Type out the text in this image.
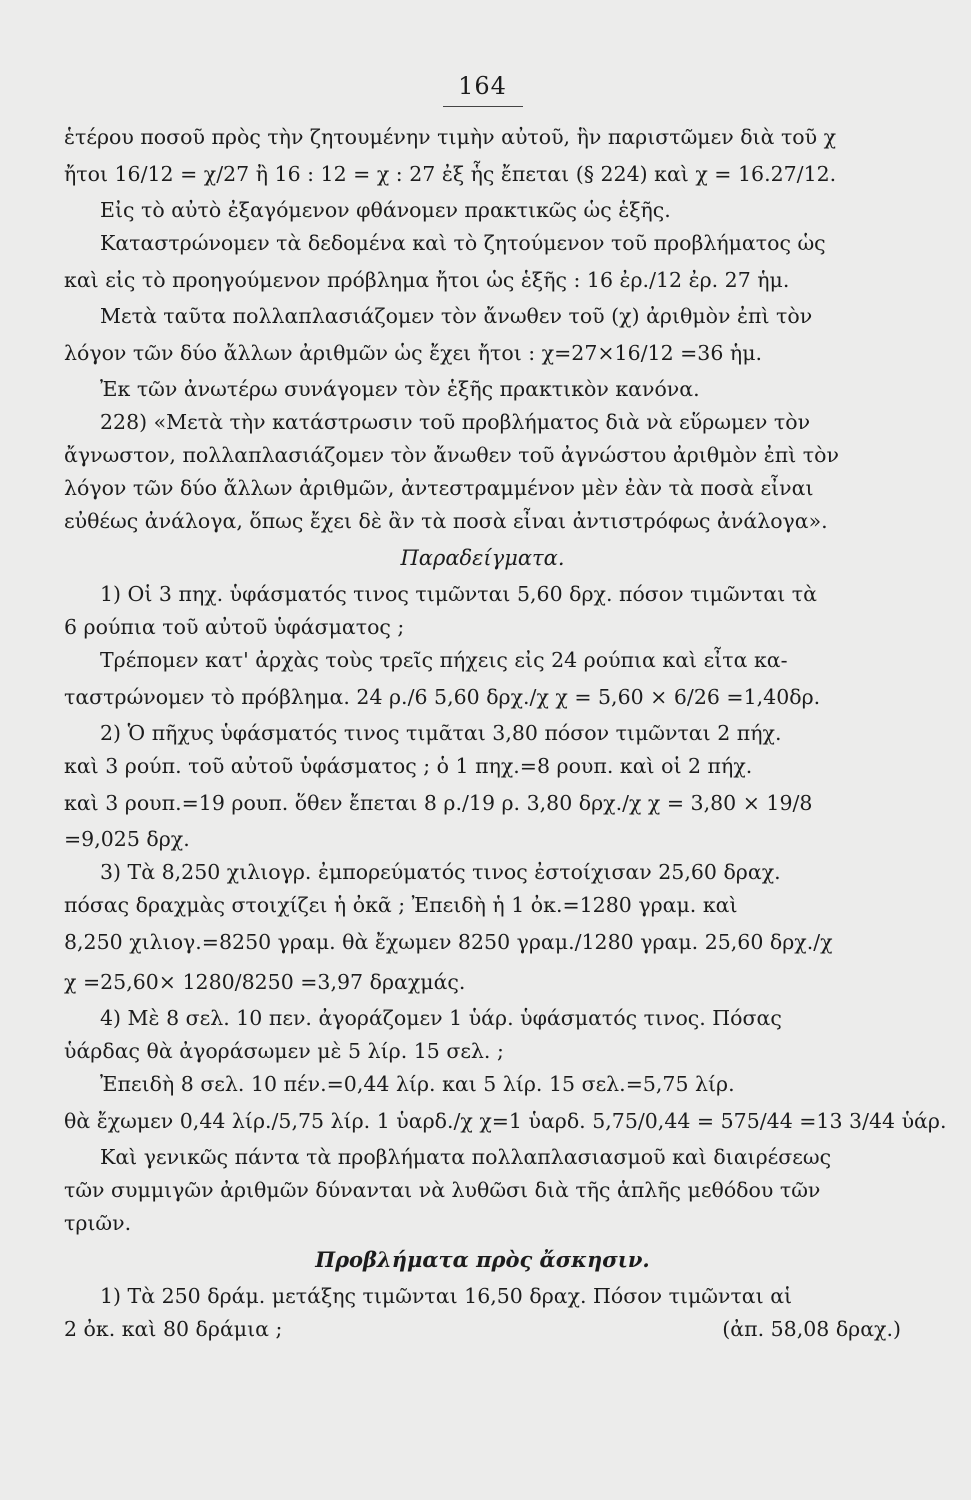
164

ἑτέρου ποσοῦ πρὸς τὴν ζητουμένην τιμὴν αὐτοῦ, ἣν παριστῶμεν διὰ τοῦ χ

ἤτοι 16/12 = χ/27 ἢ 16 : 12 = χ : 27 ἐξ ἧς ἔπεται (§ 224) καὶ χ = 16.27/12.

Εἰς τὸ αὐτὸ ἐξαγόμενον φθάνομεν πρακτικῶς ὡς ἑξῆς.

Καταστρώνομεν τὰ δεδομένα καὶ τὸ ζητούμενον τοῦ προβλήματος ὡς

καὶ εἰς τὸ προηγούμενον πρόβλημα ἤτοι ὡς ἑξῆς : 16 ἐρ./12 ἐρ. 27 ἡμ.

Μετὰ ταῦτα πολλαπλασιάζομεν τὸν ἄνωθεν τοῦ (χ) ἀριθμὸν ἐπὶ τὸν

λόγον τῶν δύο ἄλλων ἀριθμῶν ὡς ἔχει ἤτοι : χ=27×16/12 =36 ἡμ.

Ἐκ τῶν ἀνωτέρω συνάγομεν τὸν ἑξῆς πρακτικὸν κανόνα.

228) «Μετὰ τὴν κατάστρωσιν τοῦ προβλήματος διὰ νὰ εὕρωμεν τὸν

ἄγνωστον, πολλαπλασιάζομεν τὸν ἄνωθεν τοῦ ἀγνώστου ἀριθμὸν ἐπὶ τὸν

λόγον τῶν δύο ἄλλων ἀριθμῶν, ἀντεστραμμένον μὲν ἐὰν τὰ ποσὰ εἶναι

εὐθέως ἀνάλογα, ὅπως ἔχει δὲ ἂν τὰ ποσὰ εἶναι ἀντιστρόφως ἀνάλογα».

Παραδείγματα.

1) Οἱ 3 πηχ. ὑφάσματός τινος τιμῶνται 5,60 δρχ. πόσον τιμῶνται τὰ

6 ρούπια τοῦ αὐτοῦ ὑφάσματος ;

Τρέπομεν κατ' ἀρχὰς τοὺς τρεῖς πήχεις εἰς 24 ρούπια καὶ εἶτα κα-

ταστρώνομεν τὸ πρόβλημα. 24 ρ./6 5,60 δρχ./χ χ = 5,60 × 6/26 =1,40δρ.

2) Ὁ πῆχυς ὑφάσματός τινος τιμᾶται 3,80 πόσον τιμῶνται 2 πήχ.

καὶ 3 ρούπ. τοῦ αὐτοῦ ὑφάσματος ; ὁ 1 πηχ.=8 ρουπ. καὶ οἱ 2 πήχ.

καὶ 3 ρουπ.=19 ρουπ. ὅθεν ἔπεται 8 ρ./19 ρ. 3,80 δρχ./χ χ = 3,80 × 19/8

=9,025 δρχ.

3) Τὰ 8,250 χιλιογρ. ἐμπορεύματός τινος ἐστοίχισαν 25,60 δραχ.

πόσας δραχμὰς στοιχίζει ἡ ὀκᾶ ; Ἐπειδὴ ἡ 1 ὀκ.=1280 γραμ. καὶ

8,250 χιλιογ.=8250 γραμ. θὰ ἔχωμεν 8250 γραμ./1280 γραμ. 25,60 δρχ./χ

χ =25,60× 1280/8250 =3,97 δραχμάς.

4) Μὲ 8 σελ. 10 πεν. ἀγοράζομεν 1 ὑάρ. ὑφάσματός τινος. Πόσας

ὑάρδας θὰ ἀγοράσωμεν μὲ 5 λίρ. 15 σελ. ;

Ἐπειδὴ 8 σελ. 10 πέν.=0,44 λίρ. και 5 λίρ. 15 σελ.=5,75 λίρ.

θὰ ἔχωμεν 0,44 λίρ./5,75 λίρ. 1 ὑαρδ./χ χ=1 ὑαρδ. 5,75/0,44 = 575/44 =13 3/44 ὑάρ.

Καὶ γενικῶς πάντα τὰ προβλήματα πολλαπλασιασμοῦ καὶ διαιρέσεως

τῶν συμμιγῶν ἀριθμῶν δύνανται νὰ λυθῶσι διὰ τῆς ἁπλῆς μεθόδου τῶν

τριῶν.

Προβλήματα πρὸς ἄσκησιν.

1) Τὰ 250 δράμ. μετάξης τιμῶνται 16,50 δραχ. Πόσον τιμῶνται αἱ

2 ὀκ. καὶ 80 δράμια ;	(ἀπ. 58,08 δραχ.)
